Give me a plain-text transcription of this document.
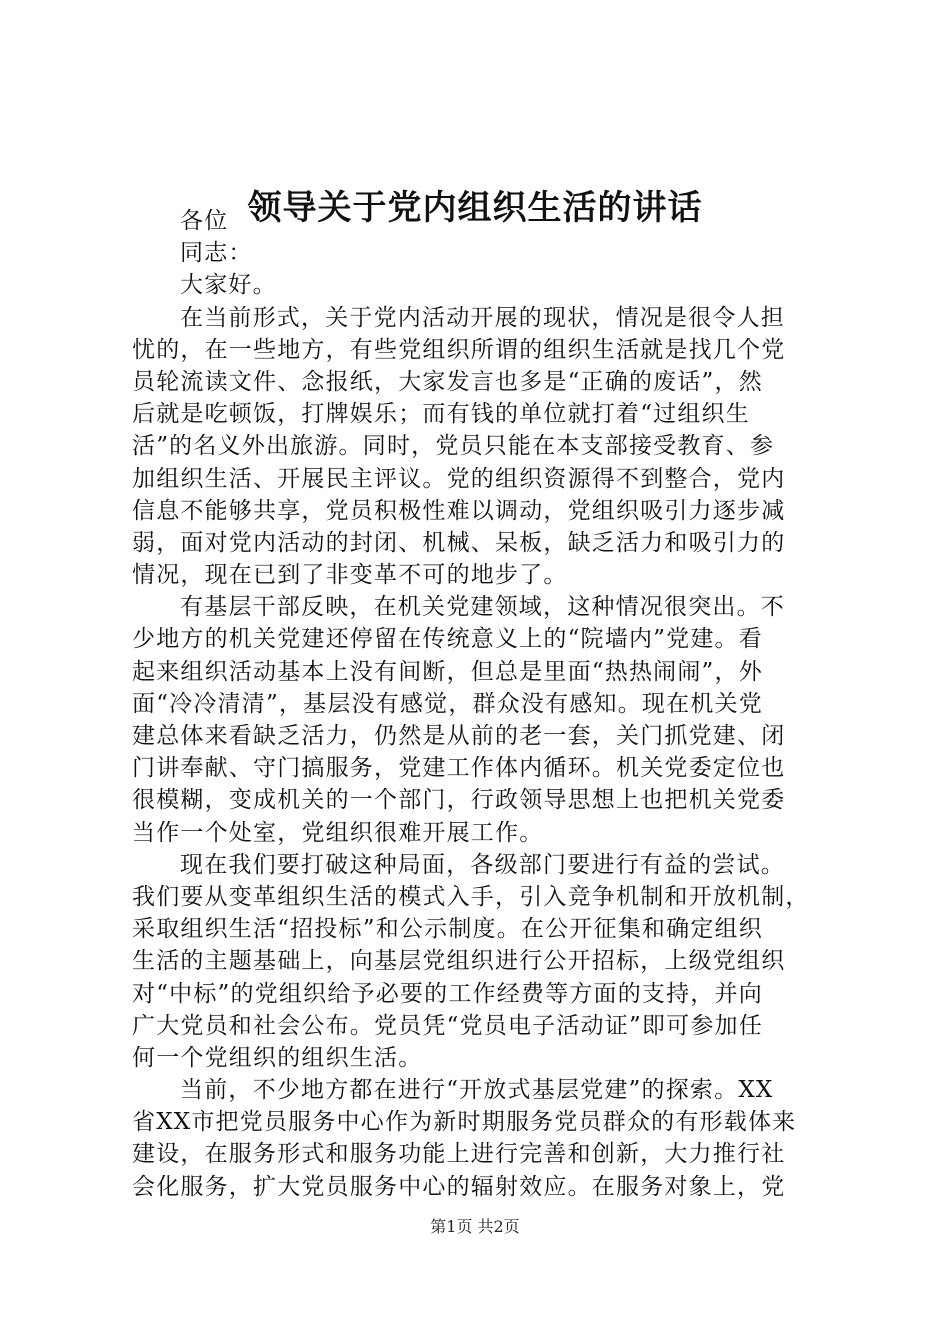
领导关于党内组织生活的讲话
各位
同志：
大家好。
在当前形式，关于党内活动开展的现状，情况是很令人担
忧的，在一些地方，有些党组织所谓的组织生活就是找几个党
员轮流读文件、念报纸，大家发言也多是“正确的废话”，然
后就是吃顿饭，打牌娱乐；而有钱的单位就打着“过组织生
活”的名义外出旅游。同时，党员只能在本支部接受教育、参
加组织生活、开展民主评议。党的组织资源得不到整合，党内
信息不能够共享，党员积极性难以调动，党组织吸引力逐步减
弱，面对党内活动的封闭、机械、呆板，缺乏活力和吸引力的
情况，现在已到了非变革不可的地步了。
有基层干部反映，在机关党建领域，这种情况很突出。不
少地方的机关党建还停留在传统意义上的“院墙内”党建。看
起来组织活动基本上没有间断，但总是里面“热热闹闹”，外
面“冷冷清清”，基层没有感觉，群众没有感知。现在机关党
建总体来看缺乏活力，仍然是从前的老一套，关门抓党建、闭
门讲奉献、守门搞服务，党建工作体内循环。机关党委定位也
很模糊，变成机关的一个部门，行政领导思想上也把机关党委
当作一个处室，党组织很难开展工作。
现在我们要打破这种局面，各级部门要进行有益的尝试。
我们要从变革组织生活的模式入手，引入竞争机制和开放机制，
采取组织生活“招投标”和公示制度。在公开征集和确定组织
生活的主题基础上，向基层党组织进行公开招标，上级党组织
对“中标”的党组织给予必要的工作经费等方面的支持，并向
广大党员和社会公布。党员凭“党员电子活动证”即可参加任
何一个党组织的组织生活。
当前，不少地方都在进行“开放式基层党建”的探索。XX
省XX市把党员服务中心作为新时期服务党员群众的有形载体来
建设，在服务形式和服务功能上进行完善和创新，大力推行社
会化服务，扩大党员服务中心的辐射效应。在服务对象上，党
第1页 共2页
